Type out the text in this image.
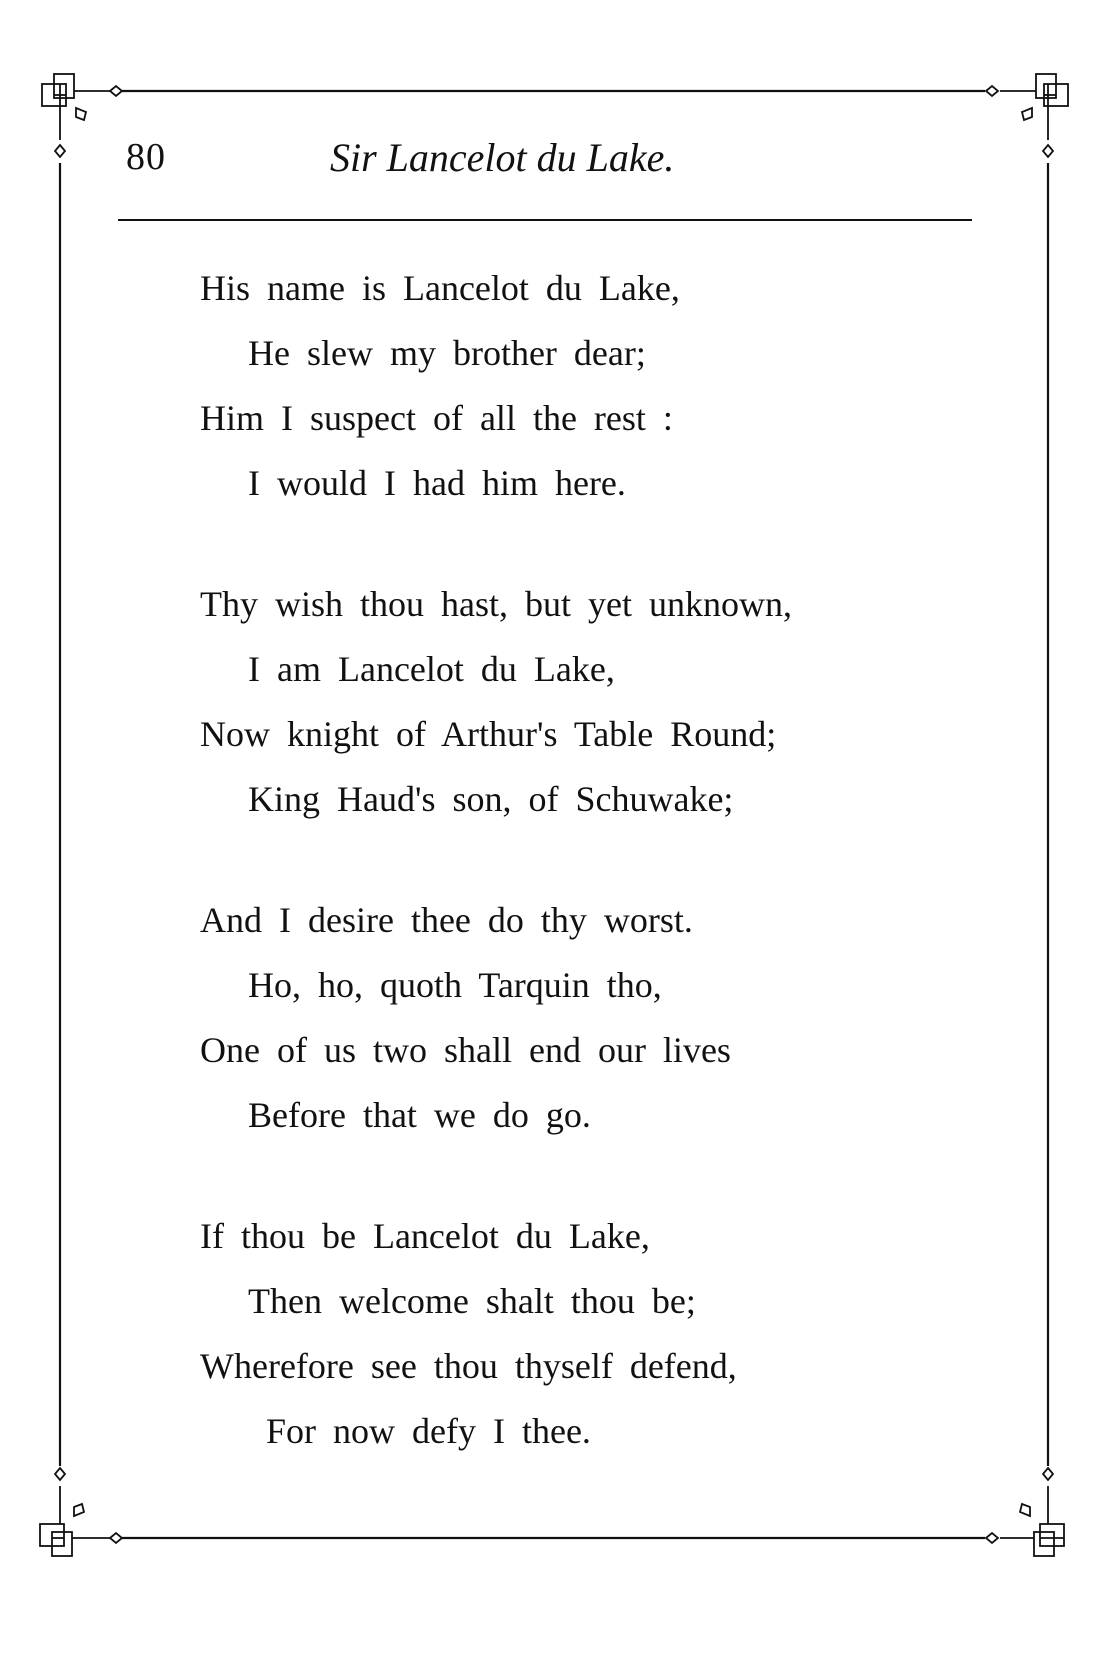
80	Sir Lancelot du Lake.
His name is Lancelot du Lake,
He slew my brother dear;
Him I suspect of all the rest :
I would I had him here.
Thy wish thou hast, but yet unknown,
I am Lancelot du Lake,
Now knight of Arthur's Table Round;
King Haud's son, of Schuwake;
And I desire thee do thy worst.
Ho, ho, quoth Tarquin tho,
One of us two shall end our lives
Before that we do go.
If thou be Lancelot du Lake,
Then welcome shalt thou be;
Wherefore see thou thyself defend,
For now defy I thee.
